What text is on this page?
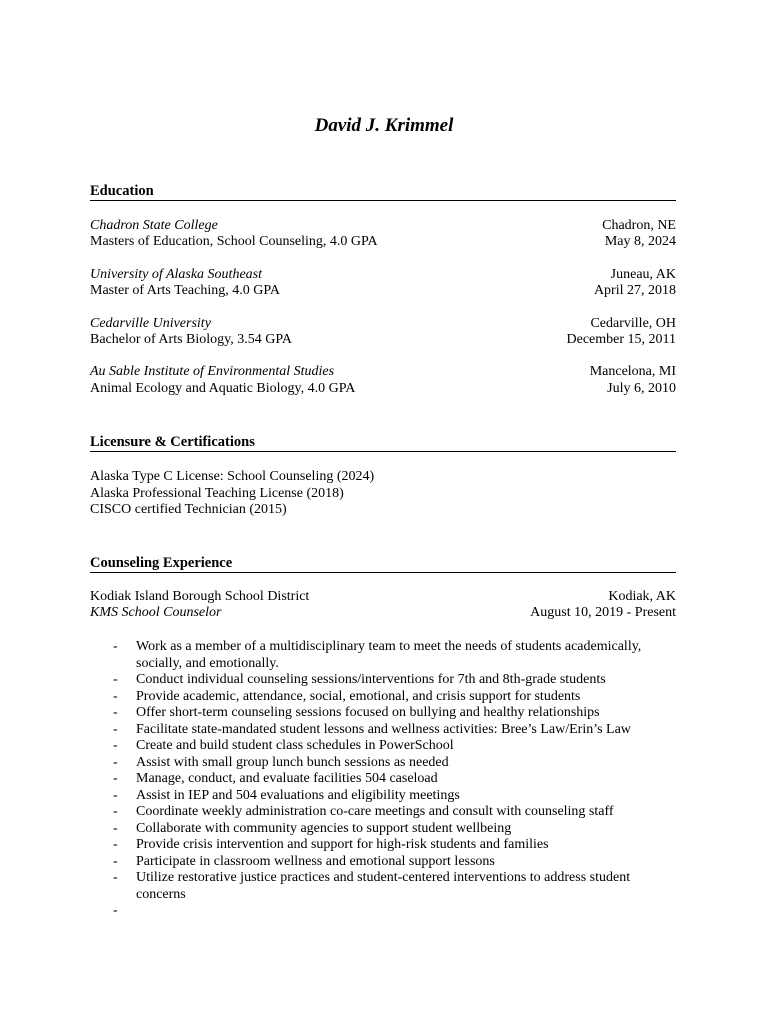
David J. Krimmel
Education
Chadron State College	Chadron, NE
Masters of Education, School Counseling, 4.0 GPA	May 8, 2024
University of Alaska Southeast	Juneau, AK
Master of Arts Teaching, 4.0 GPA	April 27, 2018
Cedarville University	Cedarville, OH
Bachelor of Arts Biology, 3.54 GPA	December 15, 2011
Au Sable Institute of Environmental Studies	Mancelona, MI
Animal Ecology and Aquatic Biology, 4.0 GPA	July 6, 2010
Licensure & Certifications
Alaska Type C License: School Counseling (2024)
Alaska Professional Teaching License (2018)
CISCO certified Technician (2015)
Counseling Experience
Kodiak Island Borough School District	Kodiak, AK
KMS School Counselor	August 10, 2019 - Present
- Work as a member of a multidisciplinary team to meet the needs of students academically,
socially, and emotionally.
- Conduct individual counseling sessions/interventions for 7th and 8th-grade students
- Provide academic, attendance, social, emotional, and crisis support for students
- Offer short-term counseling sessions focused on bullying and healthy relationships
- Facilitate state-mandated student lessons and wellness activities: Bree’s Law/Erin’s Law
- Create and build student class schedules in PowerSchool
- Assist with small group lunch bunch sessions as needed
- Manage, conduct, and evaluate facilities 504 caseload
- Assist in IEP and 504 evaluations and eligibility meetings
- Coordinate weekly administration co-care meetings and consult with counseling staff
- Collaborate with community agencies to support student wellbeing
- Provide crisis intervention and support for high-risk students and families
- Participate in classroom wellness and emotional support lessons
- Utilize restorative justice practices and student-centered interventions to address student concerns
-
